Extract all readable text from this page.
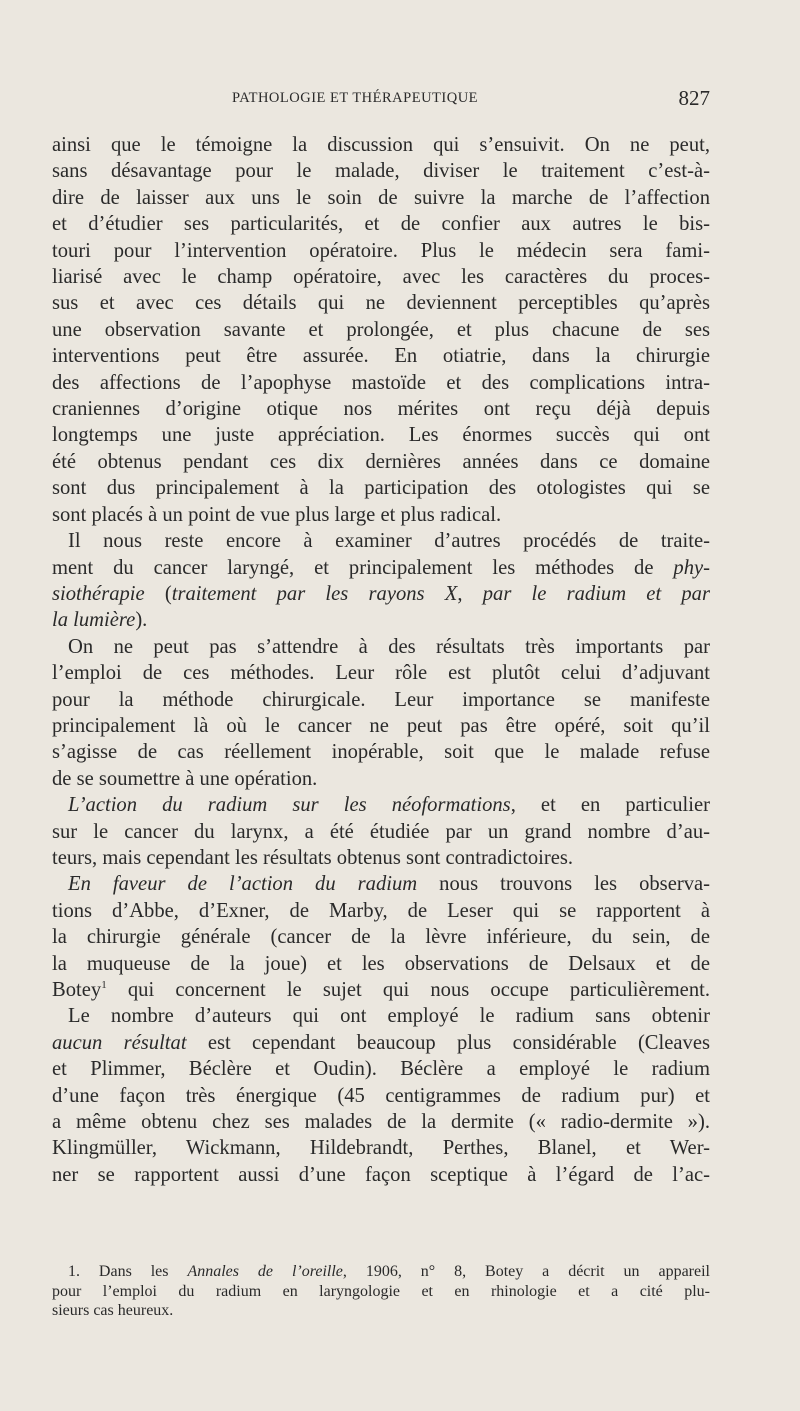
PATHOLOGIE ET THÉRAPEUTIQUE	827
ainsi que le témoigne la discussion qui s’ensuivit. On ne peut,
sans désavantage pour le malade, diviser le traitement c’est-à-
dire de laisser aux uns le soin de suivre la marche de l’affection
et d’étudier ses particularités, et de confier aux autres le bis-
touri pour l’intervention opératoire. Plus le médecin sera fami-
liarisé avec le champ opératoire, avec les caractères du proces-
sus et avec ces détails qui ne deviennent perceptibles qu’après
une observation savante et prolongée, et plus chacune de ses
interventions peut être assurée. En otiatrie, dans la chirurgie
des affections de l’apophyse mastoïde et des complications intra-
craniennes d’origine otique nos mérites ont reçu déjà depuis
longtemps une juste appréciation. Les énormes succès qui ont
été obtenus pendant ces dix dernières années dans ce domaine
sont dus principalement à la participation des otologistes qui se
sont placés à un point de vue plus large et plus radical.
Il nous reste encore à examiner d’autres procédés de traite-
ment du cancer laryngé, et principalement les méthodes de phy-
siothérapie (traitement par les rayons X, par le radium et par
la lumière).
On ne peut pas s’attendre à des résultats très importants par
l’emploi de ces méthodes. Leur rôle est plutôt celui d’adjuvant
pour la méthode chirurgicale. Leur importance se manifeste
principalement là où le cancer ne peut pas être opéré, soit qu’il
s’agisse de cas réellement inopérable, soit que le malade refuse
de se soumettre à une opération.
L’action du radium sur les néoformations, et en particulier
sur le cancer du larynx, a été étudiée par un grand nombre d’au-
teurs, mais cependant les résultats obtenus sont contradictoires.
En faveur de l’action du radium nous trouvons les observa-
tions d’Abbe, d’Exner, de Marby, de Leser qui se rapportent à
la chirurgie générale (cancer de la lèvre inférieure, du sein, de
la muqueuse de la joue) et les observations de Delsaux et de
Botey$^1$ qui concernent le sujet qui nous occupe particulièrement.
Le nombre d’auteurs qui ont employé le radium sans obtenir
aucun résultat est cependant beaucoup plus considérable (Cleaves
et Plimmer, Béclère et Oudin). Béclère a employé le radium
d’une façon très énergique (45 centigrammes de radium pur) et
a même obtenu chez ses malades de la dermite (« radio-dermite »).
Klingmüller, Wickmann, Hildebrandt, Perthes, Blanel, et Wer-
ner se rapportent aussi d’une façon sceptique à l’égard de l’ac-
1. Dans les Annales de l’oreille, 1906, n° 8, Botey a décrit un appareil
pour l’emploi du radium en laryngologie et en rhinologie et a cité plu-
sieurs cas heureux.
